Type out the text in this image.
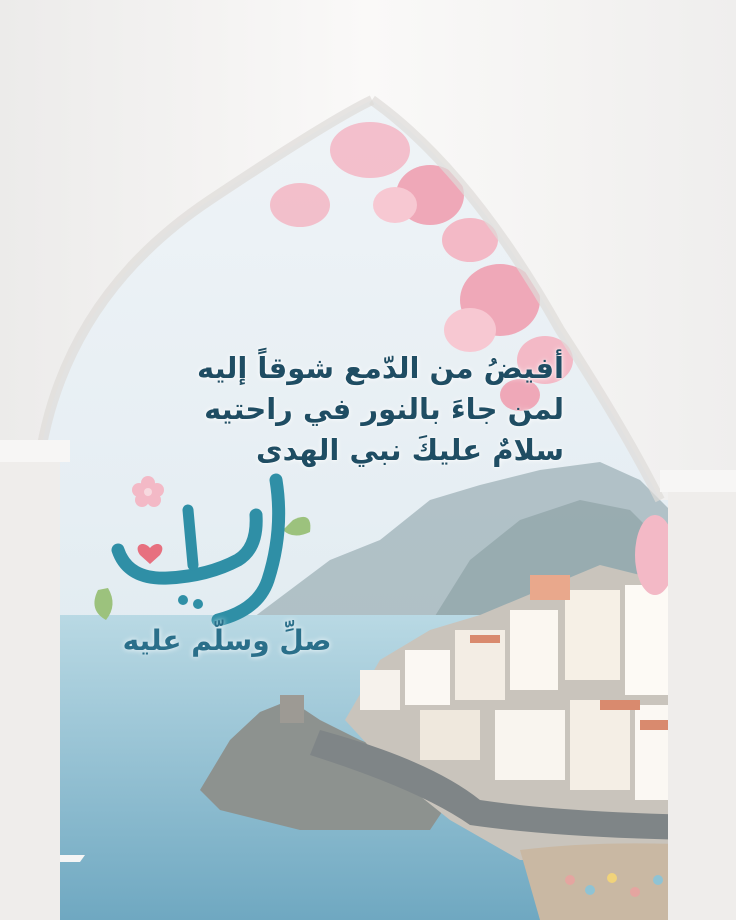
أفيضُ من الدّمع شوقاً إليه
لمن جاءَ بالنور في راحتيه
سلامٌ عليكَ نبي الهدى
صلِّ وسلّم عليه
